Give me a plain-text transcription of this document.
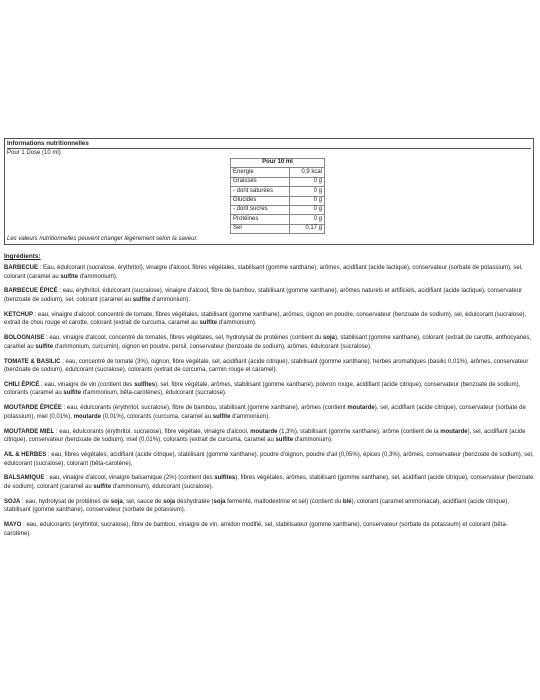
Informations nutritionnelles
Pour 1 Dose (10 ml)
Pour 10 ml	
Energie	0,9 kcal
Graisses	0 g
- dont saturées	0 g
Glucides	0 g
- dont sucres	0 g
Protéines	0 g
Sel	0,17 g
Les valeurs nutritionnelles peuvent changer légèrement selon la saveur.
Ingrédients:

BARBECUE : Eau, édulcorant (sucralose, érythritol), vinaigre d'alcool, fibres végétales, stabilisant (gomme xanthane), arômes, acidifiant (acide lactique), conservateur (sorbate de potassium), sel, colorant (caramel au sulfite d'ammonium).

BARBECUE ÉPICÉ : eau, érythritol, édulcorant (sucralose), vinaigre d'alcool, fibre de bambou, stabilisant (gomme xanthane), arômes naturels et artificiels, acidifiant (acide lactique), conservateur (benzoate de sodium), sel, colorant (caramel au sulfite d'ammonium).

KETCHUP : eau, vinaigre d'alcool, concentré de tomate, fibres végétales, stabilisant (gomme xanthane), arômes, oignon en poudre, conservateur (benzoate de sodium), sel, édulcorant (sucralose), extrait de chou rouge et carotte, colorant (extrait de curcuma, caramel au sulfite d'ammonium).

BOLOGNAISE : eau, vinaigre d'alcool, concentré de tomates, fibres végétales, sel, hydrolysat de protéines (contient du soja), stabilisant (gomme xanthane), colorant (extrait de carotte, anthocyanes, caramel au sulfite d'ammonium, curcumin), oignon en poudre, persil, conservateur (benzoate de sodium), arômes, édulcorant (sucralose).

TOMATE & BASILIC : eau, concentré de tomate (3%), oignon, fibre végétale, sel, acidifiant (acide citrique), stabilisant (gomme xanthane), herbes aromatiques (basilic 0,01%), arômes, conservateur (benzoate de sodium), édulcorant (sucralose), colorants (extrait de curcuma, carmin rouge et caramel).

CHILI ÉPICÉ : eau, vinaigre de vin (contient des sulfites), sel, fibre végétale, arômes, stabilisant (gomme xanthane), poivron rouge, acidifiant (acide citrique), conservateur (benzoate de sodium), colorants (caramel au sulfite d'ammonium, bêta-carotènes), édulcorant (sucralose).

MOUTARDE ÉPICÉE : eau, édulcorants (érythritol, sucralose), fibre de bambou, stabilisant (gomme xanthane), arômes (contient moutarde), sel, acidifiant (acide citrique), conservateur (sorbate de potassium), miel (0,01%), moutarde (0,01%), colorants (curcuma, caramel au sulfite d'ammonium).

MOUTARDE MIEL : eau, édulcorants (érythritol, sucralose), fibre végétale, vinaigre d'alcool, moutarde (1,3%), stabilisant (gomme xanthane), arôme (contient de la moutarde), sel, acidifiant (acide citrique), conservateur (benzoate de sodium), miel (0,01%), colorants (extrait de curcuma, caramel au sulfite d'ammonium).

AIL & HERBES : eau, fibres végétales, acidifiant (acide citrique), stabilisant (gomme xanthane), poudre d'oignon, poudre d'ail (0,05%), épices (0,3%), arômes, conservateur (benzoate de sodium), sel, édulcorant (sucralose), colorant (bêta-carotène).

BALSAMIQUE : eau, vinaigre d'alcool, vinaigre balsamique (2%) (contient des sulfites), fibres végétales, arômes, stabilisant (gomme xanthane), sel, acidifiant (acide citrique), conservateur (benzoate de sodium), colorant (caramel au sulfite d'ammonium), édulcorant (sucralose).

SOJA : eau, hydrolysat de protéines de soja, sel, sauce de soja déshydratée (soja fermenté, maltodextrine et sel) (contient du blé), colorant (caramel ammoniacal), acidifiant (acide citrique), stabilisant (gomme xanthane), conservateur (sorbate de potassium).

MAYO : eau, édulcorants (érythritol, sucralose), fibre de bambou, vinaigre de vin, amidon modifié, sel, stabilisateur (gomme xanthane), conservateur (sorbate de potassium) et colorant (bêta-carotène).
